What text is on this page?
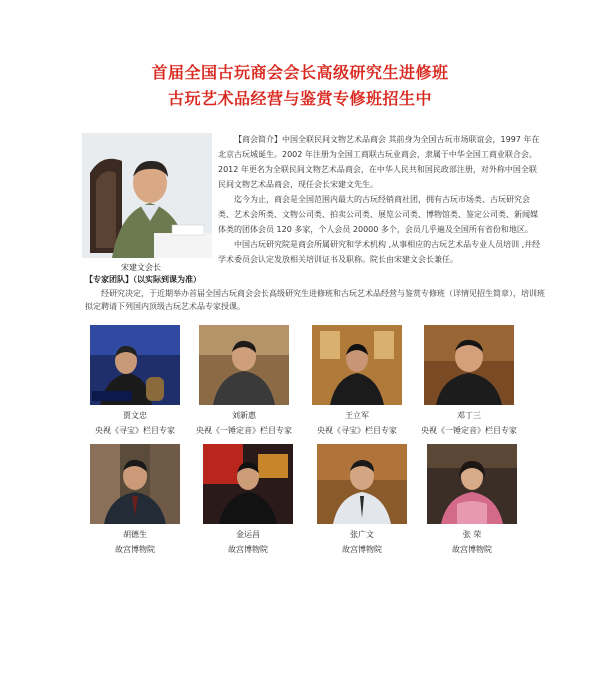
首届全国古玩商会会长高级研究生进修班
古玩艺术品经营与鉴赏专修班招生中
宋建文会长

【商会简介】中国全联民间文物艺术品商会 其前身为全国古玩市场联谊会，1997 年在北京古玩城诞生。2002 年注册为全国工商联古玩业商会，隶属于中华全国工商业联合会。2012 年更名为全联民间文物艺术品商会，在中华人民共和国民政部注册，对外称中国全联民间文物艺术品商会，现任会长宋建文先生。

迄今为止，商会是全国范围内最大的古玩经销商社团，拥有古玩市场类、古玩研究会类、艺术会所类、文物公司类、拍卖公司类、展览公司类、博物馆类、鉴定公司类、新闻媒体类的团体会员 120 多家，个人会员 20000 多个，会员几乎遍及全国所有省份和地区。

中国古玩研究院是商会所属研究和学术机构 ,从事相应的古玩艺术品专业人员培训 ,并经学术委员会认定发放相关培训证书及职称。院长由宋建文会长兼任。

【专家团队】（以实际到课为准）
经研究决定，于近期举办首届全国古玩商会会长高级研究生进修班和古玩艺术品经营与鉴赏专修班（详情见招生简章），培训班拟定聘请下列国内顶级古玩艺术品专家授课。
贾文忠
央视《寻宝》栏目专家
刘新惠
央视《一锤定音》栏目专家
王立军
央视《寻宝》栏目专家
邓丁三
央视《一锤定音》栏目专家
胡德生
故宫博物院
金运昌
故宫博物院
张广文
故宫博物院
张 荣
故宫博物院
